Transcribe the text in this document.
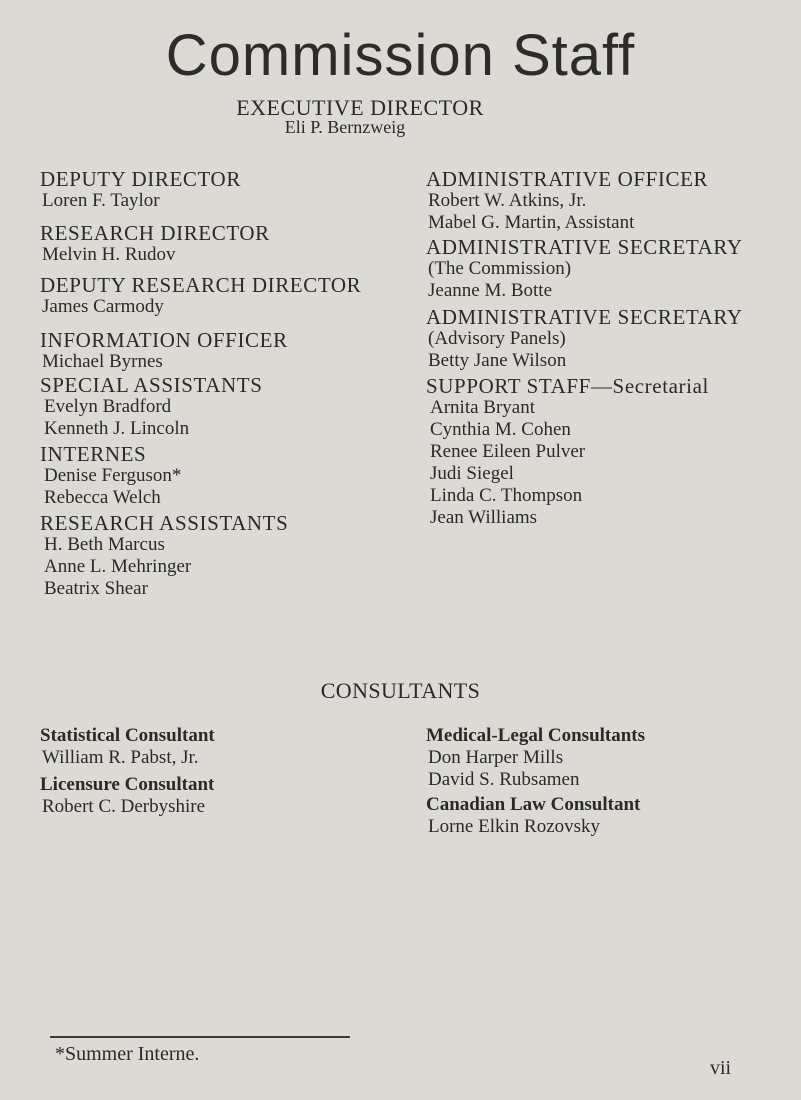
Commission Staff
EXECUTIVE DIRECTOR
Eli P. Bernzweig
DEPUTY DIRECTOR
Loren F. Taylor
RESEARCH DIRECTOR
Melvin H. Rudov
DEPUTY RESEARCH DIRECTOR
James Carmody
INFORMATION OFFICER
Michael Byrnes
SPECIAL ASSISTANTS
Evelyn Bradford
Kenneth J. Lincoln
INTERNES
Denise Ferguson*
Rebecca Welch
RESEARCH ASSISTANTS
H. Beth Marcus
Anne L. Mehringer
Beatrix Shear
ADMINISTRATIVE OFFICER
Robert W. Atkins, Jr.
Mabel G. Martin, Assistant
ADMINISTRATIVE SECRETARY
(The Commission)
Jeanne M. Botte
ADMINISTRATIVE SECRETARY
(Advisory Panels)
Betty Jane Wilson
SUPPORT STAFF—Secretarial
Arnita Bryant
Cynthia M. Cohen
Renee Eileen Pulver
Judi Siegel
Linda C. Thompson
Jean Williams
CONSULTANTS
Statistical Consultant
William R. Pabst, Jr.
Licensure Consultant
Robert C. Derbyshire
Medical-Legal Consultants
Don Harper Mills
David S. Rubsamen
Canadian Law Consultant
Lorne Elkin Rozovsky
*Summer Interne.
vii
